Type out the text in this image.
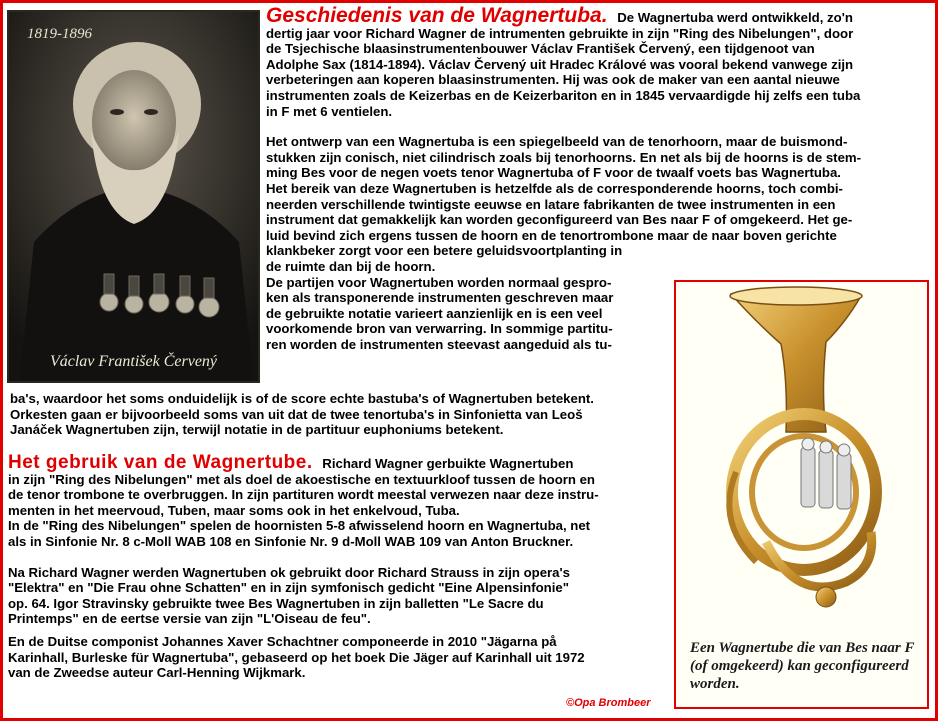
1819-1896
Václav František Červený
Geschiedenis van de Wagnertuba. De Wagnertuba werd ontwikkeld, zo'n
dertig jaar voor Richard Wagner de intrumenten gebruikte in zijn "Ring des Nibelungen", door
de Tsjechische blaasinstrumentenbouwer Václav František Červený, een tijdgenoot van
Adolphe Sax (1814-1894). Václav Červený uit Hradec Králové was vooral bekend vanwege zijn
verbeteringen aan koperen blaasinstrumenten. Hij was ook de maker van een aantal nieuwe
instrumenten zoals de Keizerbas en de Keizerbariton en in 1845 vervaardigde hij zelfs een tuba
in F met 6 ventielen.
Het ontwerp van een Wagnertuba is een spiegelbeeld van de tenorhoorn, maar de buismond-
stukken zijn conisch, niet cilindrisch zoals bij tenorhoorns. En net als bij de hoorns is de stem-
ming Bes voor de negen voets tenor Wagnertuba of F voor de twaalf voets bas Wagnertuba.
Het bereik van deze Wagnertuben is hetzelfde als de corresponderende hoorns, toch combi-
neerden verschillende twintigste eeuwse en latare fabrikanten de twee instrumenten in een
instrument dat gemakkelijk kan worden geconfigureerd van Bes naar F of omgekeerd. Het ge-
luid bevind zich ergens tussen de hoorn en de tenortrombone maar de naar boven gerichte
klankbeker zorgt voor een betere geluidsvoortplanting in
de ruimte dan bij de hoorn.
De partijen voor Wagnertuben worden normaal gespro-
ken als transponerende instrumenten geschreven maar
de gebruikte notatie varieert aanzienlijk en is een veel
voorkomende bron van verwarring. In sommige partitu-
ren worden de instrumenten steevast aangeduid als tu-
ba's, waardoor het soms onduidelijk is of de score echte bastuba's of Wagnertuben betekent.
Orkesten gaan er bijvoorbeeld soms van uit dat de twee tenortuba's in Sinfonietta van Leoš
Janáček Wagnertuben zijn, terwijl notatie in de partituur euphoniums betekent.
Het gebruik van de Wagnertube. Richard Wagner gerbuikte Wagnertuben
in zijn "Ring des Nibelungen" met als doel de akoestische en textuurkloof tussen de hoorn en
de tenor trombone te overbruggen. In zijn partituren wordt meestal verwezen naar deze instru-
menten in het meervoud, Tuben, maar soms ook in het enkelvoud, Tuba.
In de "Ring des Nibelungen" spelen de hoornisten 5-8 afwisselend hoorn en Wagnertuba, net
als in Sinfonie Nr. 8 c-Moll WAB 108 en Sinfonie Nr. 9 d-Moll WAB 109 van Anton Bruckner.
Na Richard Wagner werden Wagnertuben ok gebruikt door Richard Strauss in zijn opera's
"Elektra" en "Die Frau ohne Schatten" en in zijn symfonisch gedicht "Eine Alpensinfonie"
op. 64. Igor Stravinsky gebruikte twee Bes Wagnertuben in zijn balletten "Le Sacre du
Printemps" en de eertse versie van zijn "L'Oiseau de feu".
En de Duitse componist Johannes Xaver Schachtner componeerde in 2010 "Jägarna på
Karinhall, Burleske für Wagnertuba", gebaseerd op het boek Die Jäger auf Karinhall uit 1972
van de Zweedse auteur Carl-Henning Wijkmark.
Een Wagnertube die van Bes naar F (of omgekeerd) kan geconfigureerd worden.
©Opa Brombeer
